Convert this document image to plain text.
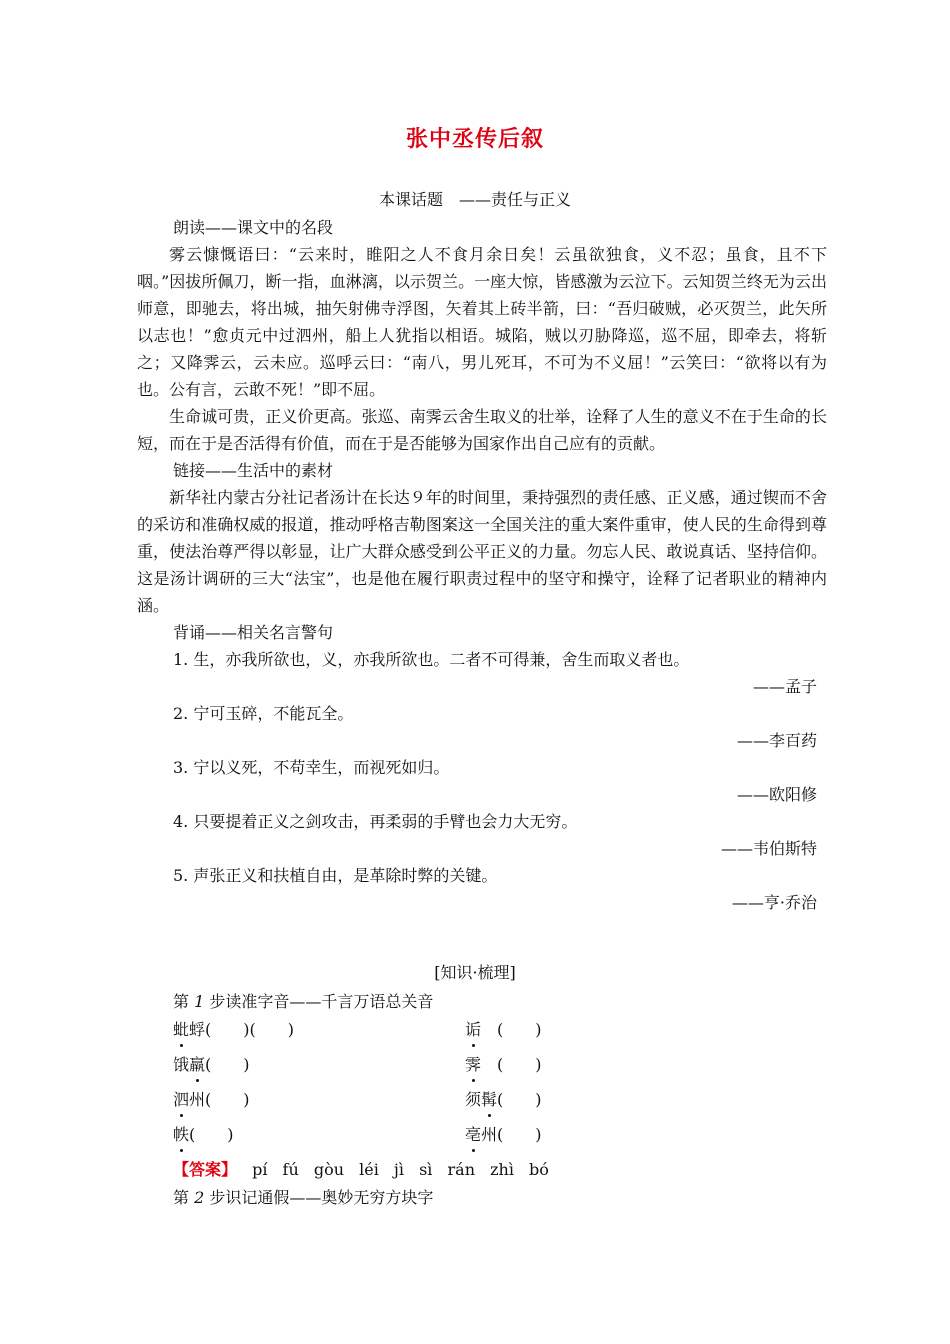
张中丞传后叙
本课话题　——责任与正义

朗读——课文中的名段

雾云慷慨语曰：“云来时，睢阳之人不食月余日矣！云虽欲独食，义不忍；虽食，且不下咽。”因拔所佩刀，断一指，血淋漓，以示贺兰。一座大惊，皆感激为云泣下。云知贺兰终无为云出师意，即驰去，将出城，抽矢射佛寺浮图，矢着其上砖半箭，曰：“吾归破贼，必灭贺兰，此矢所以志也！”愈贞元中过泗州，船上人犹指以相语。城陷，贼以刃胁降巡，巡不屈，即牵去，将斩之；又降霁云，云未应。巡呼云曰：“南八，男儿死耳，不可为不义屈！”云笑曰：“欲将以有为也。公有言，云敢不死！”即不屈。

生命诚可贵，正义价更高。张巡、南霁云舍生取义的壮举，诠释了人生的意义不在于生命的长短，而在于是否活得有价值，而在于是否能够为国家作出自己应有的贡献。

链接——生活中的素材

新华社内蒙古分社记者汤计在长达９年的时间里，秉持强烈的责任感、正义感，通过锲而不舍的采访和准确权威的报道，推动呼格吉勒图案这一全国关注的重大案件重审，使人民的生命得到尊重，使法治尊严得以彰显，让广大群众感受到公平正义的力量。勿忘人民、敢说真话、坚持信仰。这是汤计调研的三大“法宝”，也是他在履行职责过程中的坚守和操守，诠释了记者职业的精神内涵。

背诵——相关名言警句

1. 生，亦我所欲也，义，亦我所欲也。二者不可得兼，舍生而取义者也。

——孟子

2. 宁可玉碎，不能瓦全。

——李百药

3. 宁以义死，不苟幸生，而视死如归。

——欧阳修

4. 只要提着正义之剑攻击，再柔弱的手臂也会力大无穷。

——韦伯斯特

5. 声张正义和扶植自由，是革除时弊的关键。

——亨·乔治

[知识·梳理]
第 1 步读准字音——千言万语总关音
蚍蜉(　　)(　　)	诟　(　　)
饿羸(　　)	霁　(　　)
泗州(　　)	须髯(　　)
帙(　　)	亳州(　　)
【答案】 pí fú gòu léi jì sì rán zhì bó
第 2 步识记通假——奥妙无穷方块字
